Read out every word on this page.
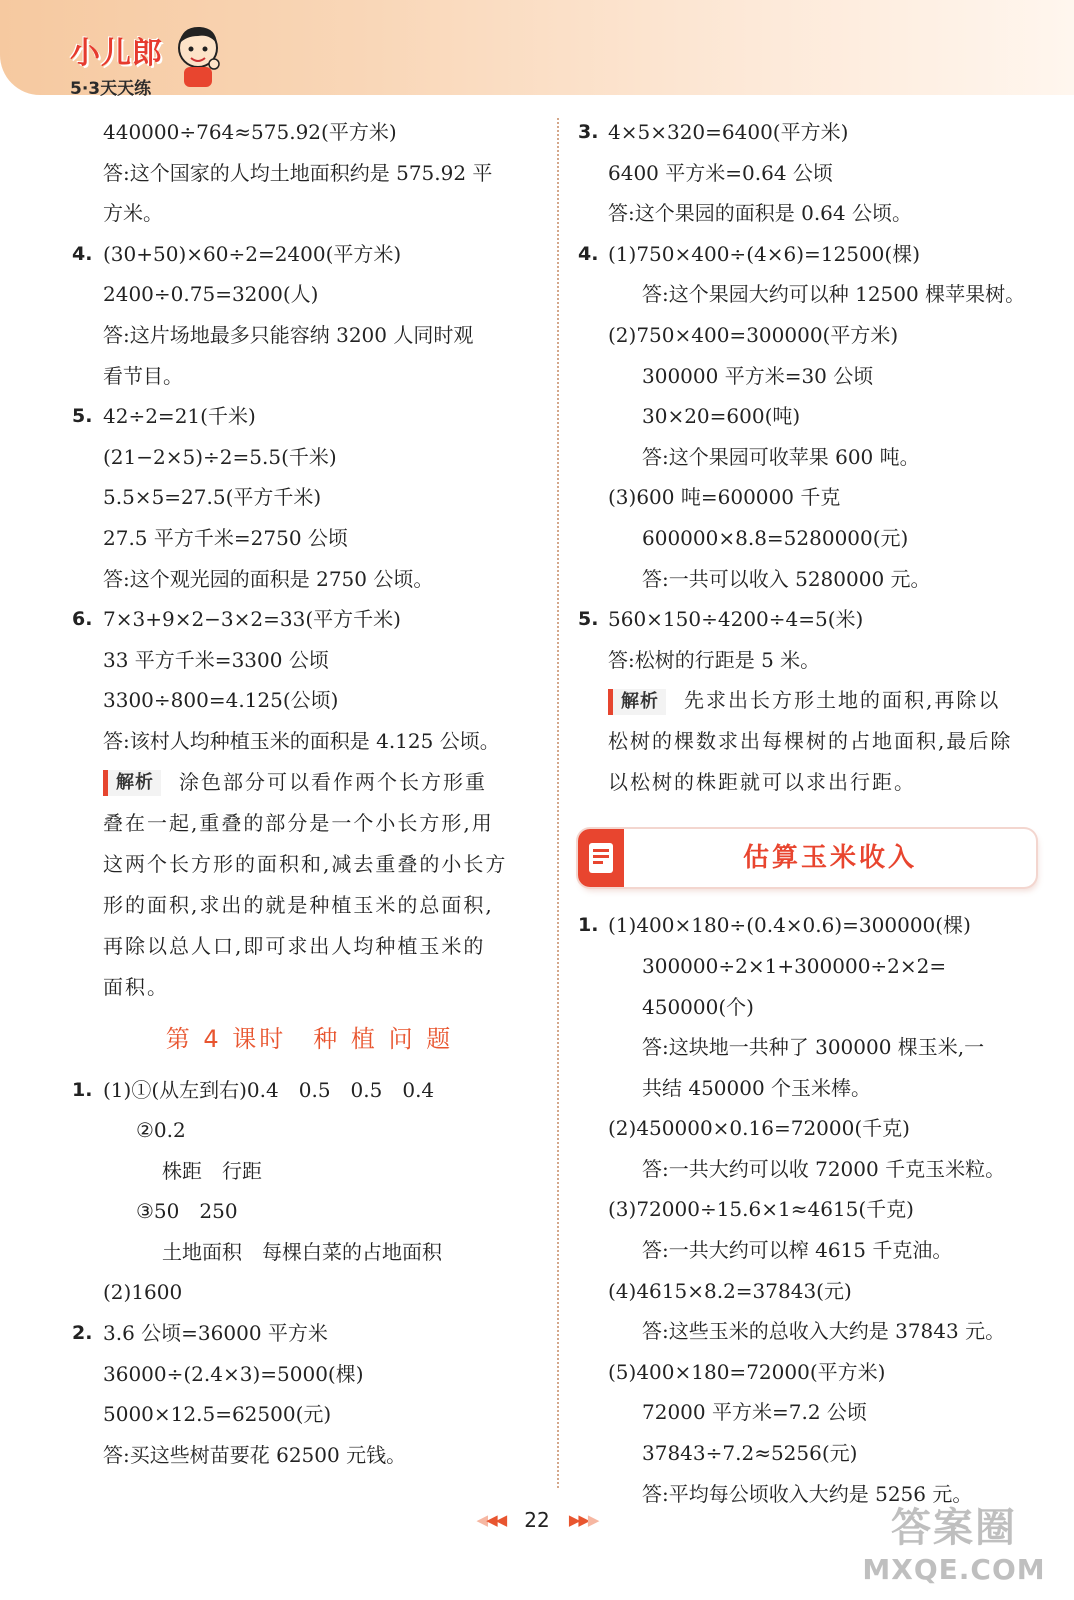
小儿郎
5·3天天练
440000÷764≈575.92(平方米)
答:这个国家的人均土地面积约是 575.92 平
方米。
4. (30+50)×60÷2=2400(平方米)
2400÷0.75=3200(人)
答:这片场地最多只能容纳 3200 人同时观
看节目。
5. 42÷2=21(千米)
(21−2×5)÷2=5.5(千米)
5.5×5=27.5(平方千米)
27.5 平方千米=2750 公顷
答:这个观光园的面积是 2750 公顷。
6. 7×3+9×2−3×2=33(平方千米)
33 平方千米=3300 公顷
3300÷800=4.125(公顷)
答:该村人均种植玉米的面积是 4.125 公顷。
解析 涂色部分可以看作两个长方形重
叠在一起,重叠的部分是一个小长方形,用
这两个长方形的面积和,减去重叠的小长方
形的面积,求出的就是种植玉米的总面积,
再除以总人口,即可求出人均种植玉米的
面积。
第 4 课时　种 植 问 题
1. (1)①(从左到右)0.4　0.5　0.5　0.4
②0.2
株距　行距
③50　250
土地面积　每棵白菜的占地面积
(2)1600
2. 3.6 公顷=36000 平方米
36000÷(2.4×3)=5000(棵)
5000×12.5=62500(元)
答:买这些树苗要花 62500 元钱。
3. 4×5×320=6400(平方米)
6400 平方米=0.64 公顷
答:这个果园的面积是 0.64 公顷。
4. (1)750×400÷(4×6)=12500(棵)
答:这个果园大约可以种 12500 棵苹果树。
(2)750×400=300000(平方米)
300000 平方米=30 公顷
30×20=600(吨)
答:这个果园可收苹果 600 吨。
(3)600 吨=600000 千克
600000×8.8=5280000(元)
答:一共可以收入 5280000 元。
5. 560×150÷4200÷4=5(米)
答:松树的行距是 5 米。
解析 先求出长方形土地的面积,再除以
松树的棵数求出每棵树的占地面积,最后除
以松树的株距就可以求出行距。
估算玉米收入
1. (1)400×180÷(0.4×0.6)=300000(棵)
300000÷2×1+300000÷2×2=
450000(个)
答:这块地一共种了 300000 棵玉米,一
共结 450000 个玉米棒。
(2)450000×0.16=72000(千克)
答:一共大约可以收 72000 千克玉米粒。
(3)72000÷15.6×1≈4615(千克)
答:一共大约可以榨 4615 千克油。
(4)4615×8.2=37843(元)
答:这些玉米的总收入大约是 37843 元。
(5)400×180=72000(平方米)
72000 平方米=7.2 公顷
37843÷7.2≈5256(元)
答:平均每公顷收入大约是 5256 元。
◀◀◀ 22 ▶▶▶	答案圈
MXQE.COM
